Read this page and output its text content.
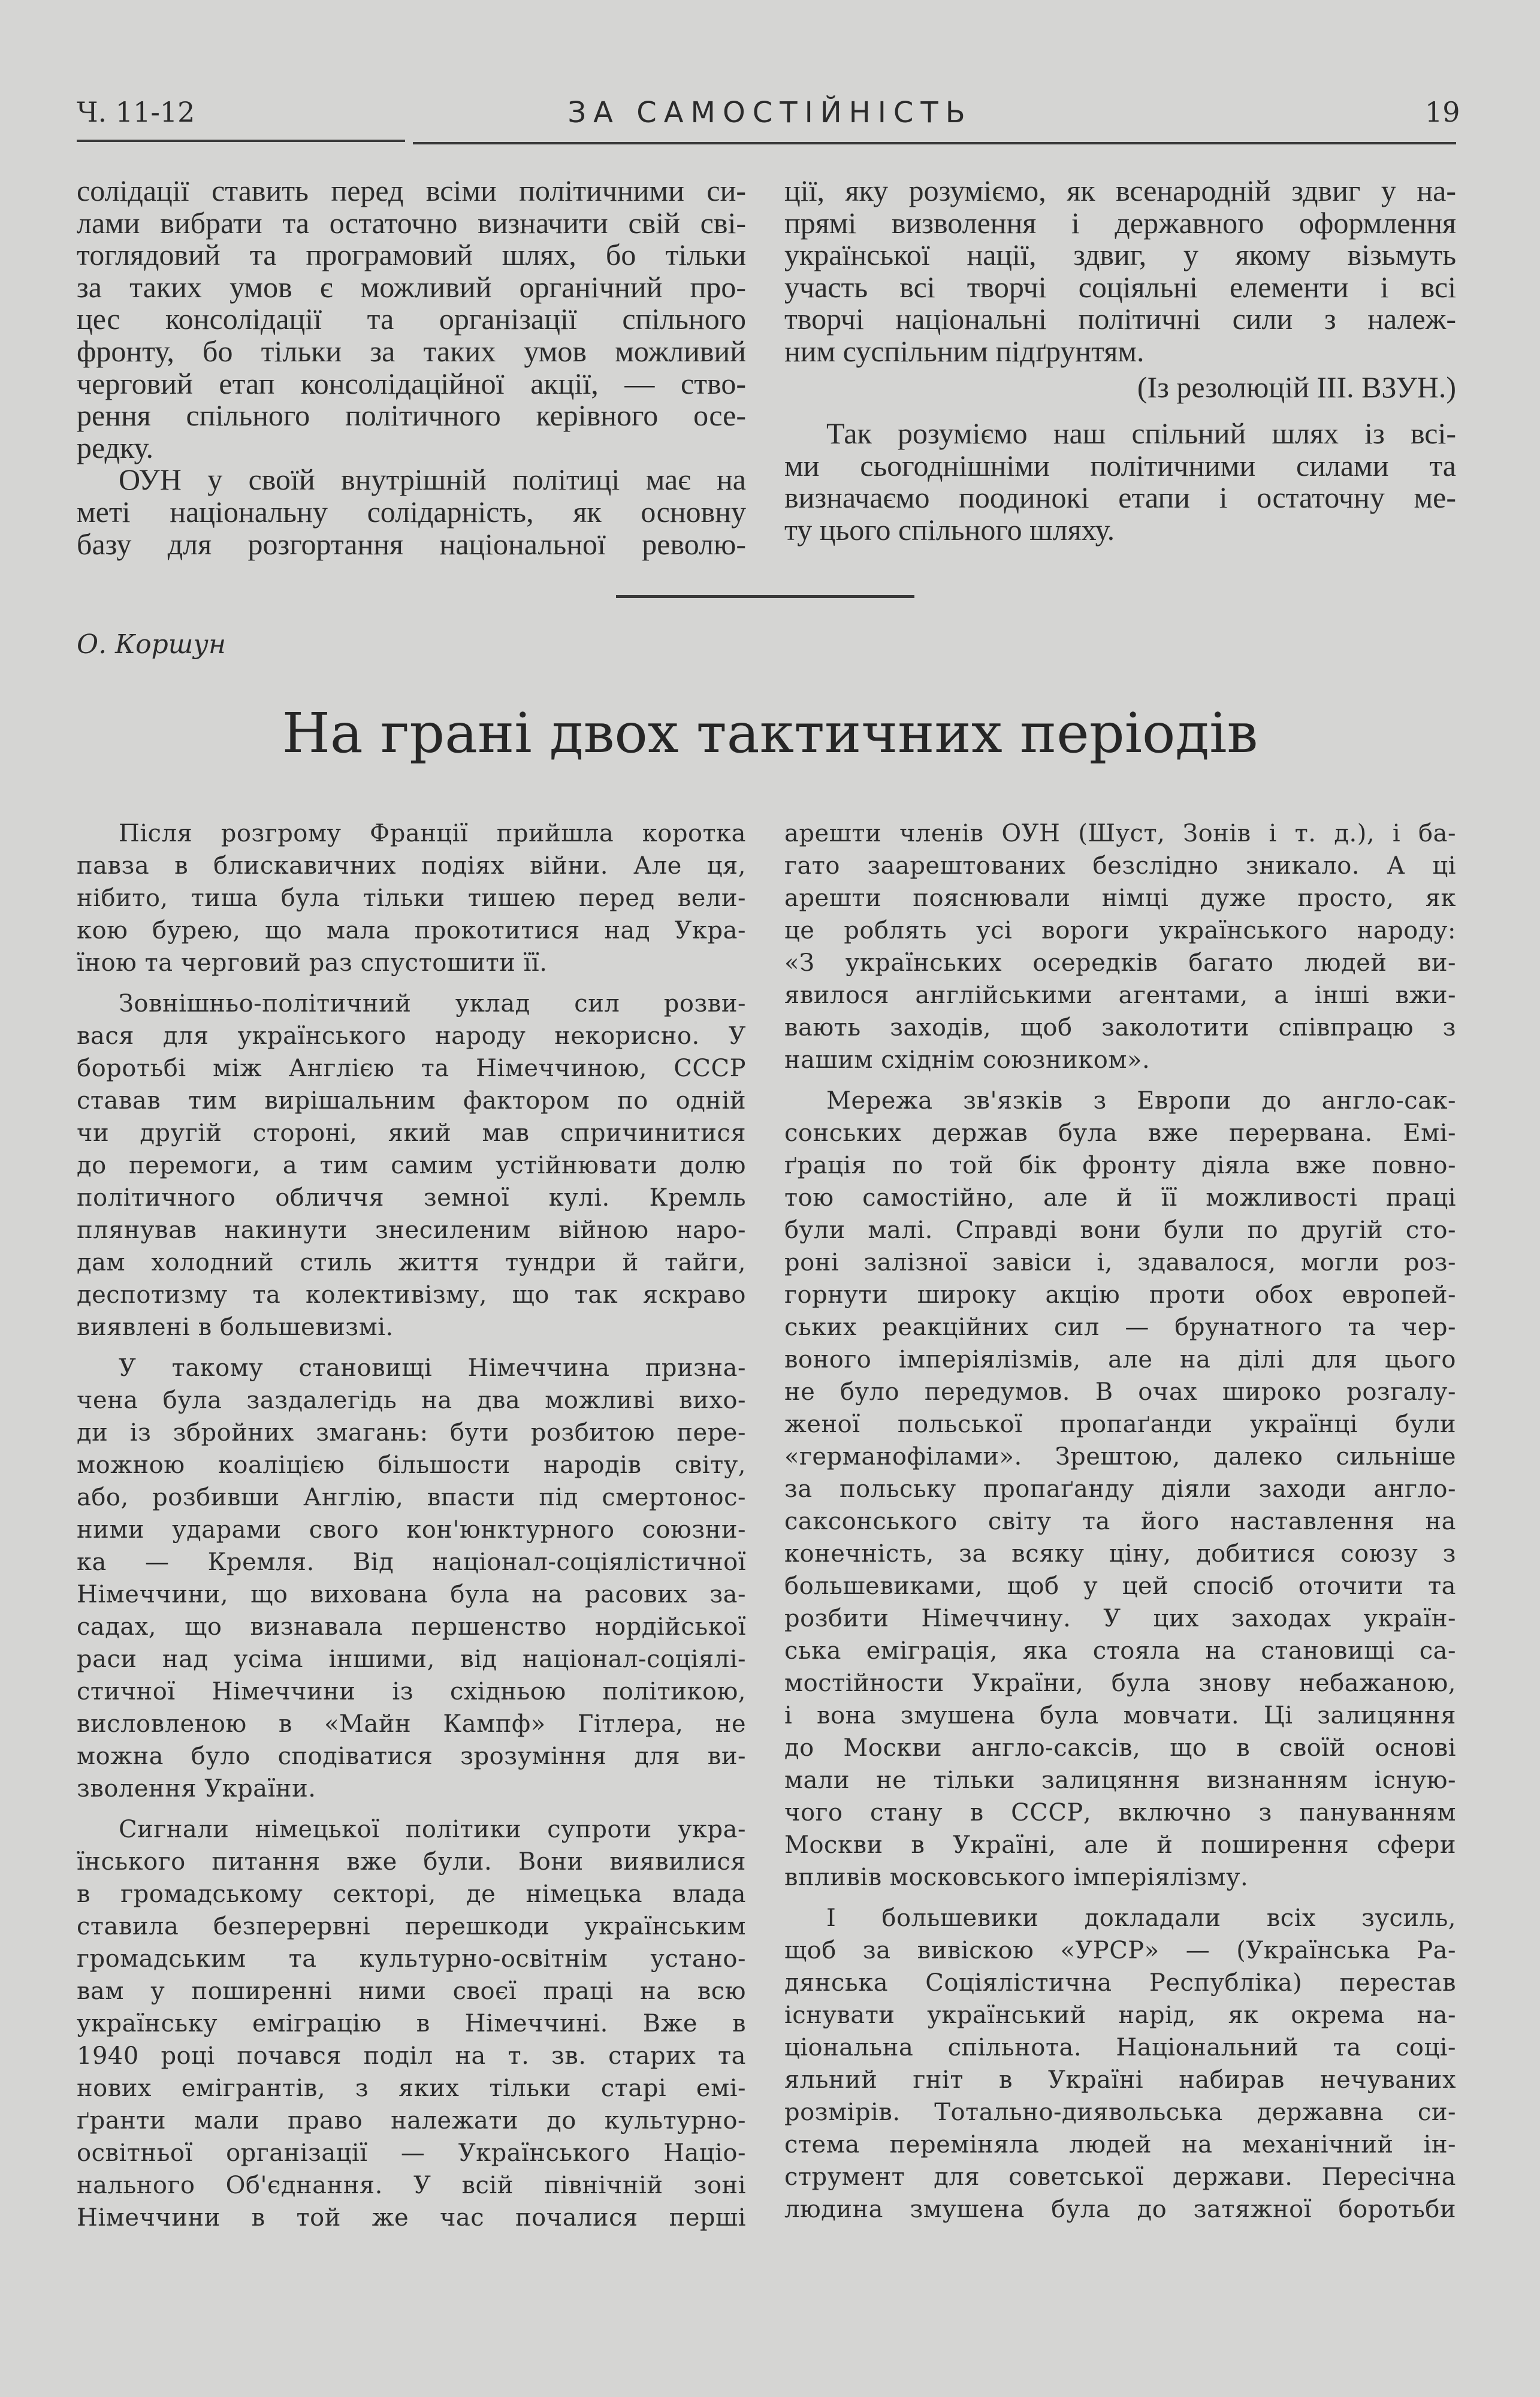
Ч. 11-12	ЗА САМОСТІЙНІСТЬ	19
солідації ставить перед всіми політичними си-
лами вибрати та остаточно визначити свій сві-
тоглядовий та програмовий шлях, бо тільки
за таких умов є можливий органічний про-
цес консолідації та організації спільного
фронту, бо тільки за таких умов можливий
черговий етап консолідаційної акції, — ство-
рення спільного політичного керівного осе-
редку.
ОУН у своїй внутрішній політиці має на
меті національну солідарність, як основну
базу для розгортання національної револю-
ції, яку розуміємо, як всенародній здвиг у на-
прямі визволення і державного оформлення
української нації, здвиг, у якому візьмуть
участь всі творчі соціяльні елементи і всі
творчі національні політичні сили з належ-
ним суспільним підґрунтям.
(Із резолюцій III. ВЗУН.)
Так розуміємо наш спільний шлях із всі-
ми сьогоднішніми політичними силами та
визначаємо поодинокі етапи і остаточну ме-
ту цього спільного шляху.
О. Коршун
На грані двох тактичних періодів
Після розгрому Франції прийшла коротка
павза в блискавичних подіях війни. Але ця,
нібито, тиша була тільки тишею перед вели-
кою бурею, що мала прокотитися над Укра-
їною та черговий раз спустошити її.
Зовнішньо-політичний уклад сил розви-
вася для українського народу некорисно. У
боротьбі між Англією та Німеччиною, СССР
ставав тим вирішальним фактором по одній
чи другій стороні, який мав спричинитися
до перемоги, а тим самим устійнювати долю
політичного обличчя земної кулі. Кремль
плянував накинути знесиленим війною наро-
дам холодний стиль життя тундри й тайги,
деспотизму та колективізму, що так яскраво
виявлені в большевизмі.
У такому становищі Німеччина призна-
чена була заздалегідь на два можливі вихо-
ди із збройних змагань: бути розбитою пере-
можною коаліцією більшости народів світу,
або, розбивши Англію, впасти під смертонос-
ними ударами свого кон'юнктурного союзни-
ка — Кремля. Від націонал-соціялістичної
Німеччини, що вихована була на расових за-
садах, що визнавала першенство нордійської
раси над усіма іншими, від націонал-соціялі-
стичної Німеччини із східньою політикою,
висловленою в «Майн Кампф» Гітлера, не
можна було сподіватися зрозуміння для ви-
зволення України.
Сигнали німецької політики супроти укра-
їнського питання вже були. Вони виявилися
в громадському секторі, де німецька влада
ставила безперервні перешкоди українським
громадським та культурно-освітнім устано-
вам у поширенні ними своєї праці на всю
українську еміграцію в Німеччині. Вже в
1940 році почався поділ на т. зв. старих та
нових емігрантів, з яких тільки старі емі-
ґранти мали право належати до культурно-
освітньої організації — Українського Націо-
нального Об'єднання. У всій північній зоні
Німеччини в той же час почалися перші
арешти членів ОУН (Шуст, Зонів і т. д.), і ба-
гато заарештованих безслідно зникало. А ці
арешти пояснювали німці дуже просто, як
це роблять усі вороги українського народу:
«З українських осередків багато людей ви-
явилося англійськими агентами, а інші вжи-
вають заходів, щоб заколотити співпрацю з
нашим східнім союзником».
Мережа зв'язків з Европи до англо-сак-
сонських держав була вже перервана. Емі-
ґрація по той бік фронту діяла вже повно-
тою самостійно, але й її можливості праці
були малі. Справді вони були по другій сто-
роні залізної завіси і, здавалося, могли роз-
горнути широку акцію проти обох европей-
ських реакційних сил — брунатного та чер-
воного імперіялізмів, але на ділі для цього
не було передумов. В очах широко розгалу-
женої польської пропаґанди українці були
«германофілами». Зрештою, далеко сильніше
за польську пропаґанду діяли заходи англо-
саксонського світу та його наставлення на
конечність, за всяку ціну, добитися союзу з
большевиками, щоб у цей спосіб оточити та
розбити Німеччину. У цих заходах україн-
ська еміграція, яка стояла на становищі са-
мостійности України, була знову небажаною,
і вона змушена була мовчати. Ці залицяння
до Москви англо-саксів, що в своїй основі
мали не тільки залицяння визнанням існую-
чого стану в СССР, включно з пануванням
Москви в Україні, але й поширення сфери
впливів московського імперіялізму.
І большевики докладали всіх зусиль,
щоб за вивіскою «УРСР» — (Українська Ра-
дянська Соціялістична Республіка) перестав
існувати український нарід, як окрема на-
ціональна спільнота. Національний та соці-
яльний гніт в Україні набирав нечуваних
розмірів. Тотально-диявольська державна си-
стема переміняла людей на механічний ін-
струмент для советської держави. Пересічна
людина змушена була до затяжної боротьби
